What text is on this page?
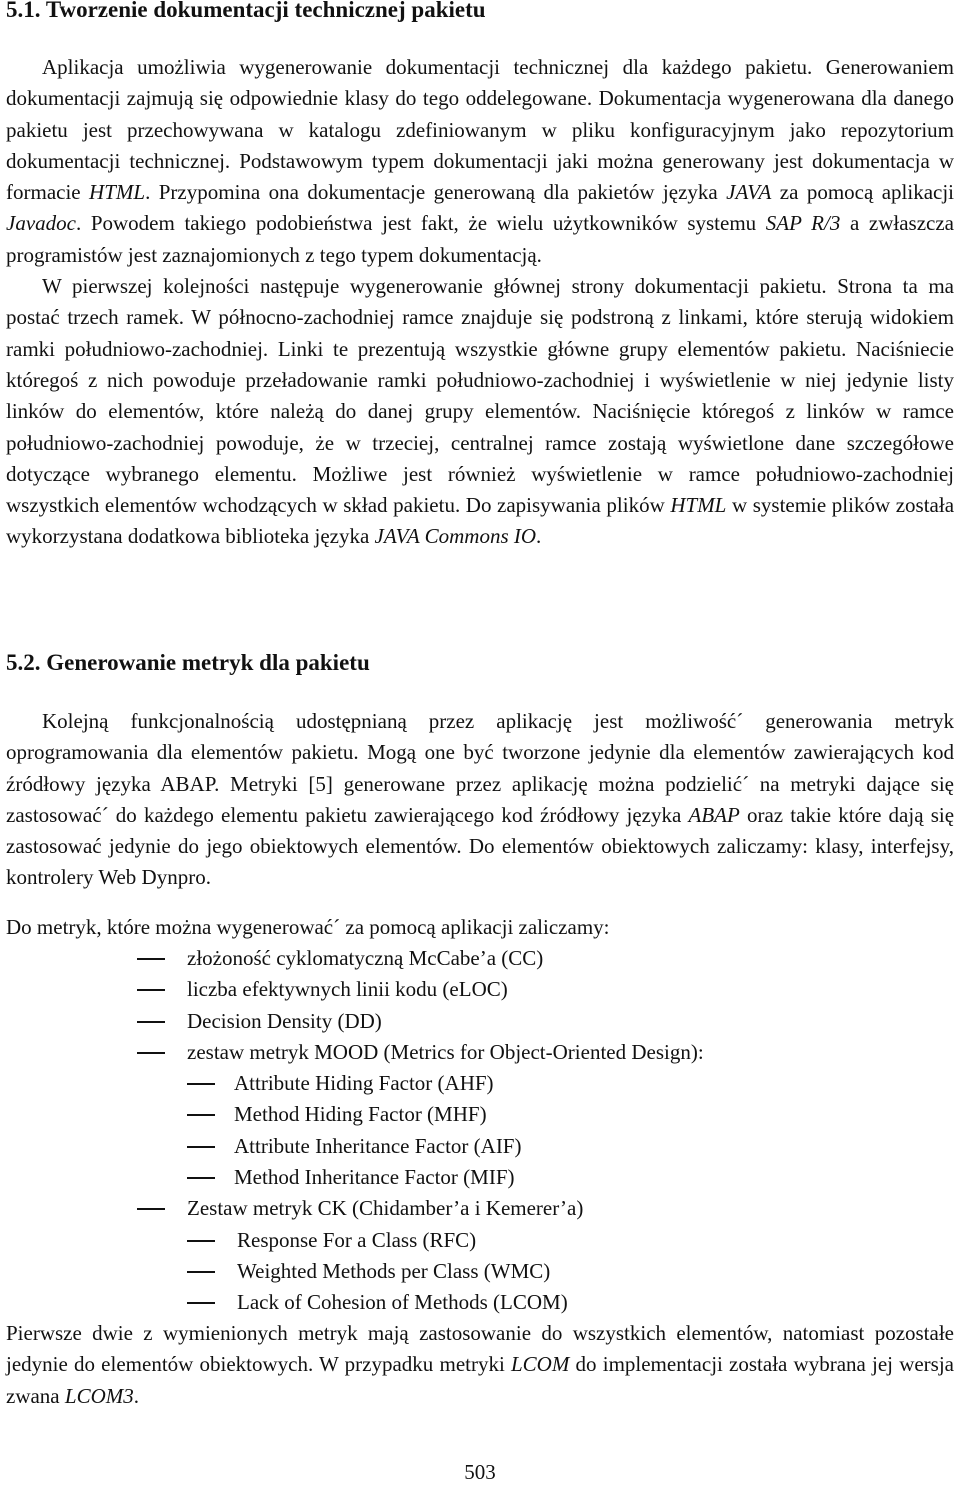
5.1. Tworzenie dokumentacji technicznej pakietu

Aplikacja umożliwia wygenerowanie dokumentacji technicznej dla każdego pakietu. Generowaniem dokumentacji zajmują się odpowiednie klasy do tego oddelegowane. Dokumentacja wygenerowana dla danego pakietu jest przechowywana w katalogu zdefiniowanym w pliku konfiguracyjnym jako repozytorium dokumentacji technicznej. Podstawowym typem dokumentacji jaki można generowany jest dokumentacja w formacie HTML. Przypomina ona dokumentacje generowaną dla pakietów języka JAVA za pomocą aplikacji Javadoc. Powodem takiego podobieństwa jest fakt, że wielu użytkowników systemu SAP R/3 a zwłaszcza programistów jest zaznajomionych z tego typem dokumentacją.
W pierwszej kolejności następuje wygenerowanie głównej strony dokumentacji pakietu. Strona ta ma postać trzech ramek. W północno-zachodniej ramce znajduje się podstroną z linkami, które sterują widokiem ramki południowo-zachodniej. Linki te prezentują wszystkie główne grupy elementów pakietu. Naciśniecie któregoś z nich powoduje przeładowanie ramki południowo-zachodniej i wyświetlenie w niej jedynie listy linków do elementów, które należą do danej grupy elementów. Naciśnięcie któregoś z linków w ramce południowo-zachodniej powoduje, że w trzeciej, centralnej ramce zostają wyświetlone dane szczegółowe dotyczące wybranego elementu. Możliwe jest również wyświetlenie w ramce południowo-zachodniej wszystkich elementów wchodzących w skład pakietu. Do zapisywania plików HTML w systemie plików została wykorzystana dodatkowa biblioteka języka JAVA Commons IO.

5.2. Generowanie metryk dla pakietu

Kolejną funkcjonalnością udostępnianą przez aplikację jest możliwość´ generowania metryk oprogramowania dla elementów pakietu. Mogą one być tworzone jedynie dla elementów zawierających kod źródłowy języka ABAP. Metryki [5] generowane przez aplikację można podzielić´ na metryki dające się zastosować´ do każdego elementu pakietu zawierającego kod źródłowy języka ABAP oraz takie które dają się zastosować jedynie do jego obiektowych elementów. Do elementów obiektowych zaliczamy: klasy, interfejsy, kontrolery Web Dynpro.

Do metryk, które można wygenerować´ za pomocą aplikacji zaliczamy:

złożoność cyklomatyczną McCabe’a (CC)
liczba efektywnych linii kodu (eLOC)
Decision Density (DD)
zestaw metryk MOOD (Metrics for Object-Oriented Design):
Attribute Hiding Factor (AHF)
Method Hiding Factor (MHF)
Attribute Inheritance Factor (AIF)
Method Inheritance Factor (MIF)
Zestaw metryk CK (Chidamber’a i Kemerer’a)
Response For a Class (RFC)
Weighted Methods per Class (WMC)
Lack of Cohesion of Methods (LCOM)

Pierwsze dwie z wymienionych metryk mają zastosowanie do wszystkich elementów, natomiast pozostałe jedynie do elementów obiektowych. W przypadku metryki LCOM do implementacji została wybrana jej wersja zwana LCOM3.

503
